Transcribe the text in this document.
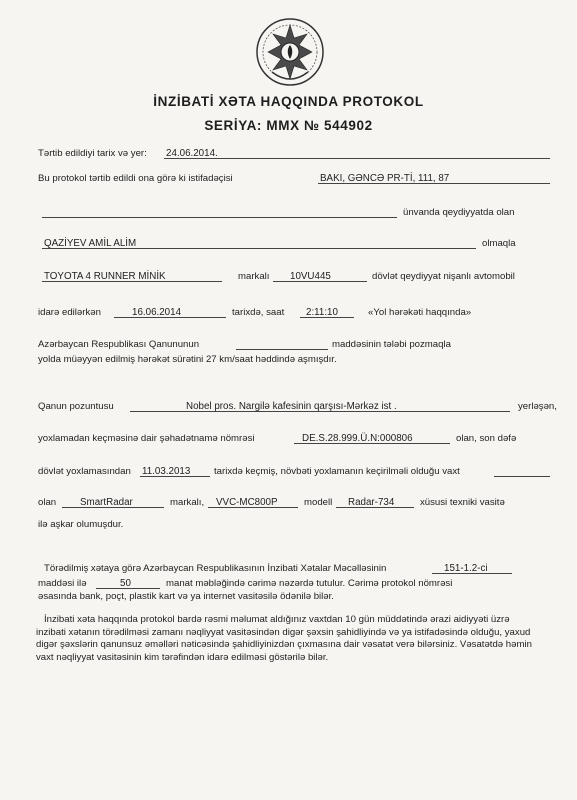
İNZİBATİ XƏTA HAQQINDA PROTOKOL
SERİYA: MMX № 544902
Tərtib edildiyi tarix və yer: 24.06.2014.
Bu protokol tərtib edildi ona görə ki istifadəçisi	BAKI, GƏNCƏ PR-Tİ, 111, 87
ünvanda qeydiyyatda olan
QAZİYEV AMİL ALİM	olmaqla
TOYOTA 4 RUNNER MİNİK	markalı 10VU445	dövlət qeydiyyat nişanlı avtomobil
idarə edilərkən	16.06.2014	tarixdə, saat 2:11:10	«Yol hərəkəti haqqında»
Azərbaycan Respublikası Qanununun	maddəsinin tələbi pozmaqla
yolda müəyyən edilmiş hərəkət sürətini 27 km/saat həddində aşmışdır.
Qanun pozuntusu	Nobel pros. Nargilə kafesinin qarşısı-Mərkəz ist .	yerləşən,
yoxlamadan keçməsinə dair şəhadətnamə nömrəsi	DE.S.28.999.Ü.N:000806	olan, son dəfə
dövlət yoxlamasından 11.03.2013 tarixdə keçmiş, növbəti yoxlamanın keçirilməli olduğu vaxt
olan SmartRadar	markalı, VVC-MC800P	modell Radar-734	xüsusi texniki vasitə
ilə aşkar olumuşdur.
Törədilmiş xətaya görə Azərbaycan Respublikasının İnzibati Xətalar Məcəlləsinin	151-1.2-ci
maddəsi ilə	50	manat məbləğində cərimə nəzərdə tutulur. Cərimə protokol nömrəsi
əsasında bank, poçt, plastik kart və ya internet vasitəsilə ödənilə bilər.

İnzibati xəta haqqında protokol bardə rəsmi məlumat aldığınız vaxtdan 10 gün müddətində ərazi aidiyyəti üzrə inzibati xətanın törədilməsi zamanı nəqliyyat vasitəsindən digər şəxsin şahidliyində və ya istifadəsində olduğu, yaxud digər şəxslərin qanunsuz əməlləri nəticəsində şahidliyinizdən çıxmasına dair vəsatət verə bilərsiniz. Vəsatətdə həmin vaxt nəqliyyat vasitəsinin kim tərəfindən idarə edilməsi göstərilə bilər.
